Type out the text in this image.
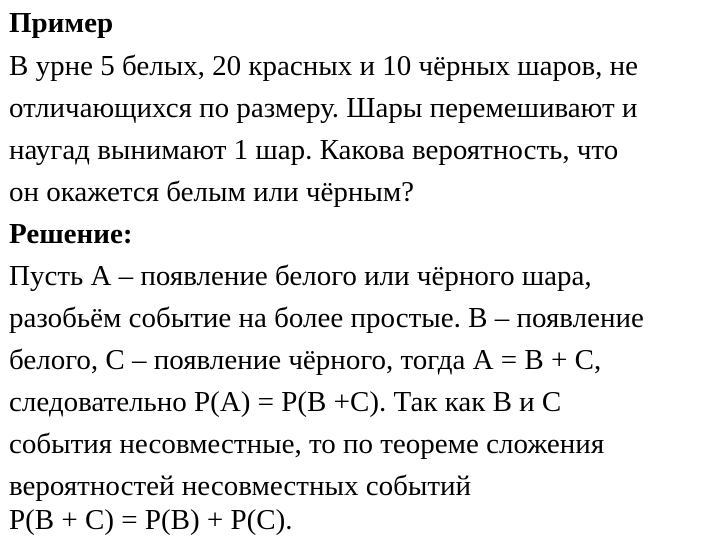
Пример
В урне 5 белых, 20 красных и 10 чёрных шаров, не
отличающихся по размеру. Шары перемешивают и
наугад вынимают 1 шар. Какова вероятность, что
он окажется белым или чёрным?
Решение:
Пусть А – появление белого или чёрного шара,
разобьём событие на более простые. В – появление
белого, С – появление чёрного, тогда А = В + С,
следовательно Р(А) = Р(В +С). Так как В и С
события несовместные, то по теореме сложения
вероятностей несовместных событий
Р(В + С) = Р(В) + Р(С).
